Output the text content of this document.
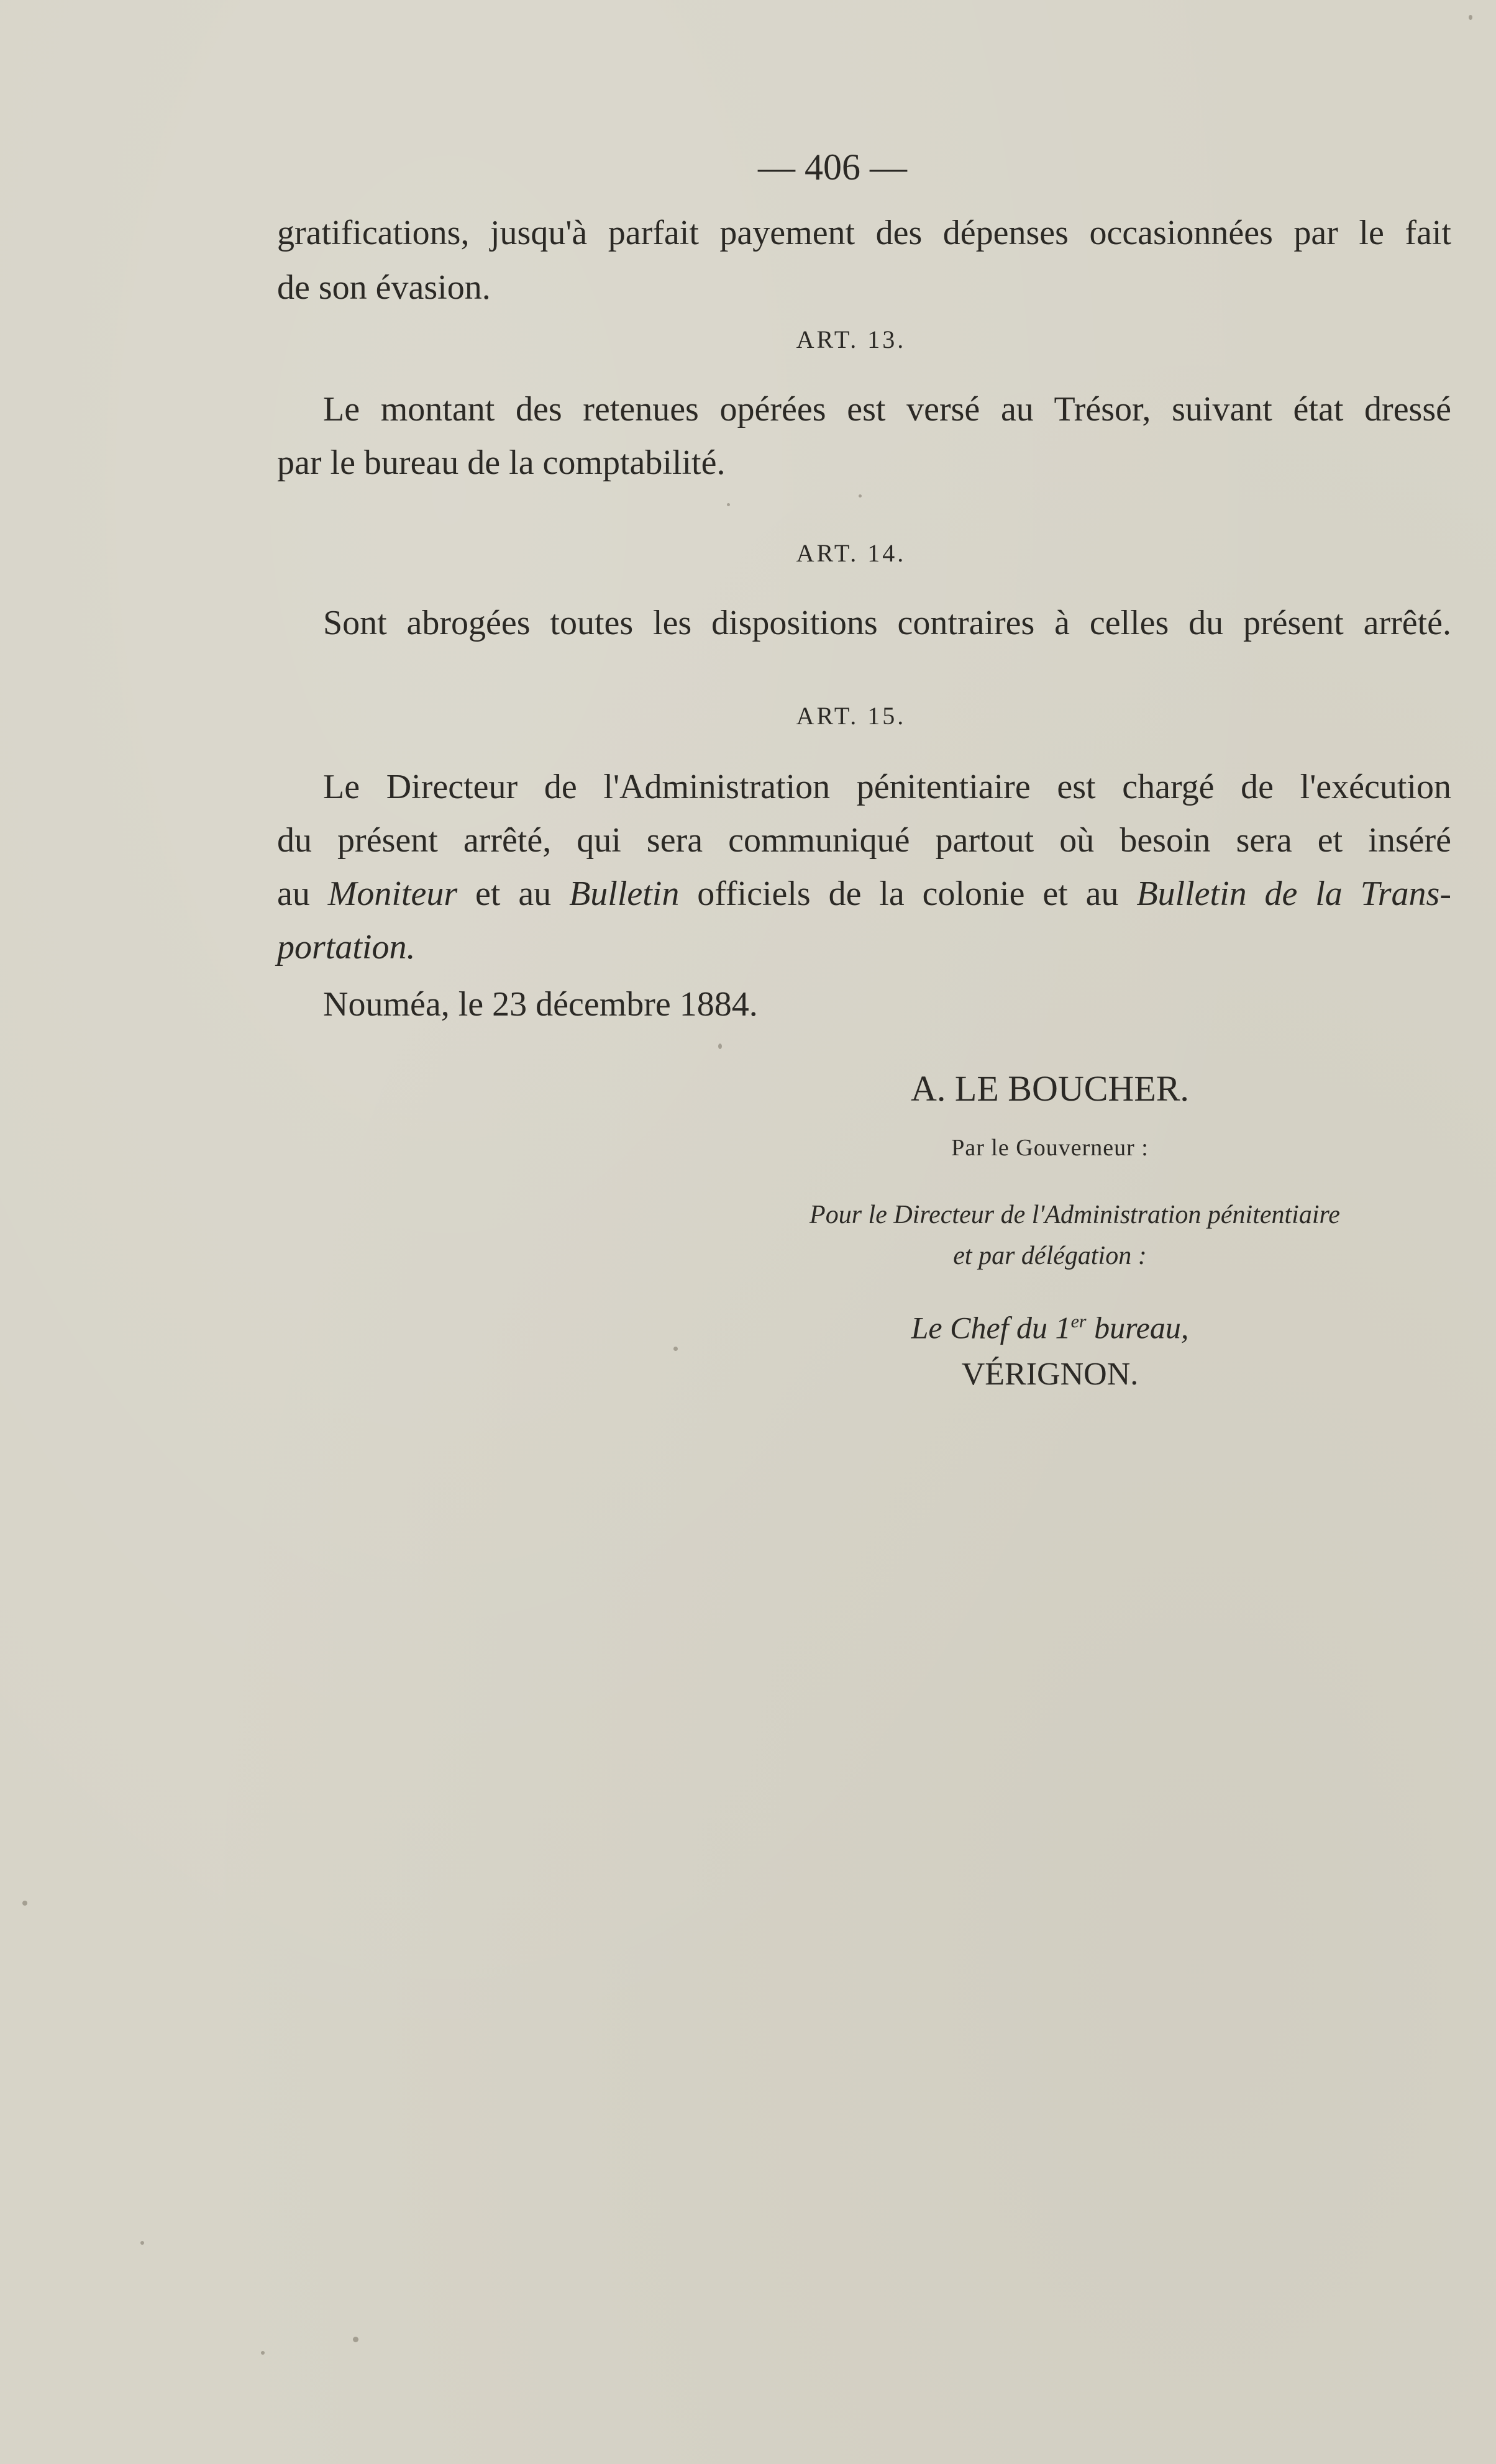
— 406 —
gratifications, jusqu'à parfait payement des dépenses occasionnées par le fait
de son évasion.
ART. 13.
Le montant des retenues opérées est versé au Trésor, suivant état dressé
par le bureau de la comptabilité.
ART. 14.
Sont abrogées toutes les dispositions contraires à celles du présent arrêté.
ART. 15.
Le Directeur de l'Administration pénitentiaire est chargé de l'exécution
du présent arrêté, qui sera communiqué partout où besoin sera et inséré
au Moniteur et au Bulletin officiels de la colonie et au Bulletin de la Trans-
portation.
Nouméa, le 23 décembre 1884.
A. LE BOUCHER.
Par le Gouverneur :
Pour le Directeur de l'Administration pénitentiaire
et par délégation :
Le Chef du 1er bureau,
VÉRIGNON.
